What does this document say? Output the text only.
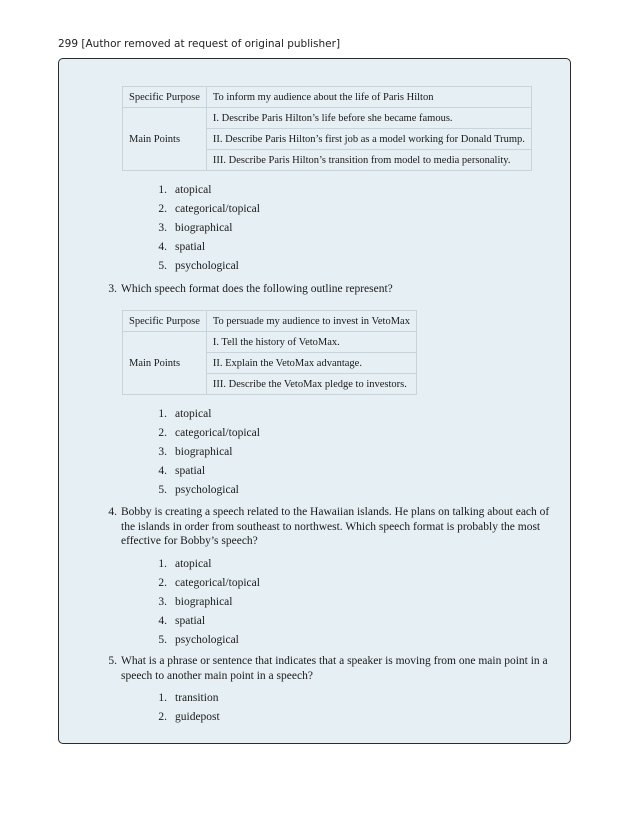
299 [Author removed at request of original publisher]
Specific Purpose	To inform my audience about the life of Paris Hilton
Main Points	I. Describe Paris Hilton’s life before she became famous.
	II. Describe Paris Hilton’s first job as a model working for Donald Trump.
	III. Describe Paris Hilton’s transition from model to media personality.
1. atopical
2. categorical/topical
3. biographical
4. spatial
5. psychological
3. Which speech format does the following outline represent?
Specific Purpose	To persuade my audience to invest in VetoMax
Main Points	I. Tell the history of VetoMax.
	II. Explain the VetoMax advantage.
	III. Describe the VetoMax pledge to investors.
1. atopical
2. categorical/topical
3. biographical
4. spatial
5. psychological
4. Bobby is creating a speech related to the Hawaiian islands. He plans on talking about each of the islands in order from southeast to northwest. Which speech format is probably the most effective for Bobby’s speech?
1. atopical
2. categorical/topical
3. biographical
4. spatial
5. psychological
5. What is a phrase or sentence that indicates that a speaker is moving from one main point in a speech to another main point in a speech?
1. transition
2. guidepost
